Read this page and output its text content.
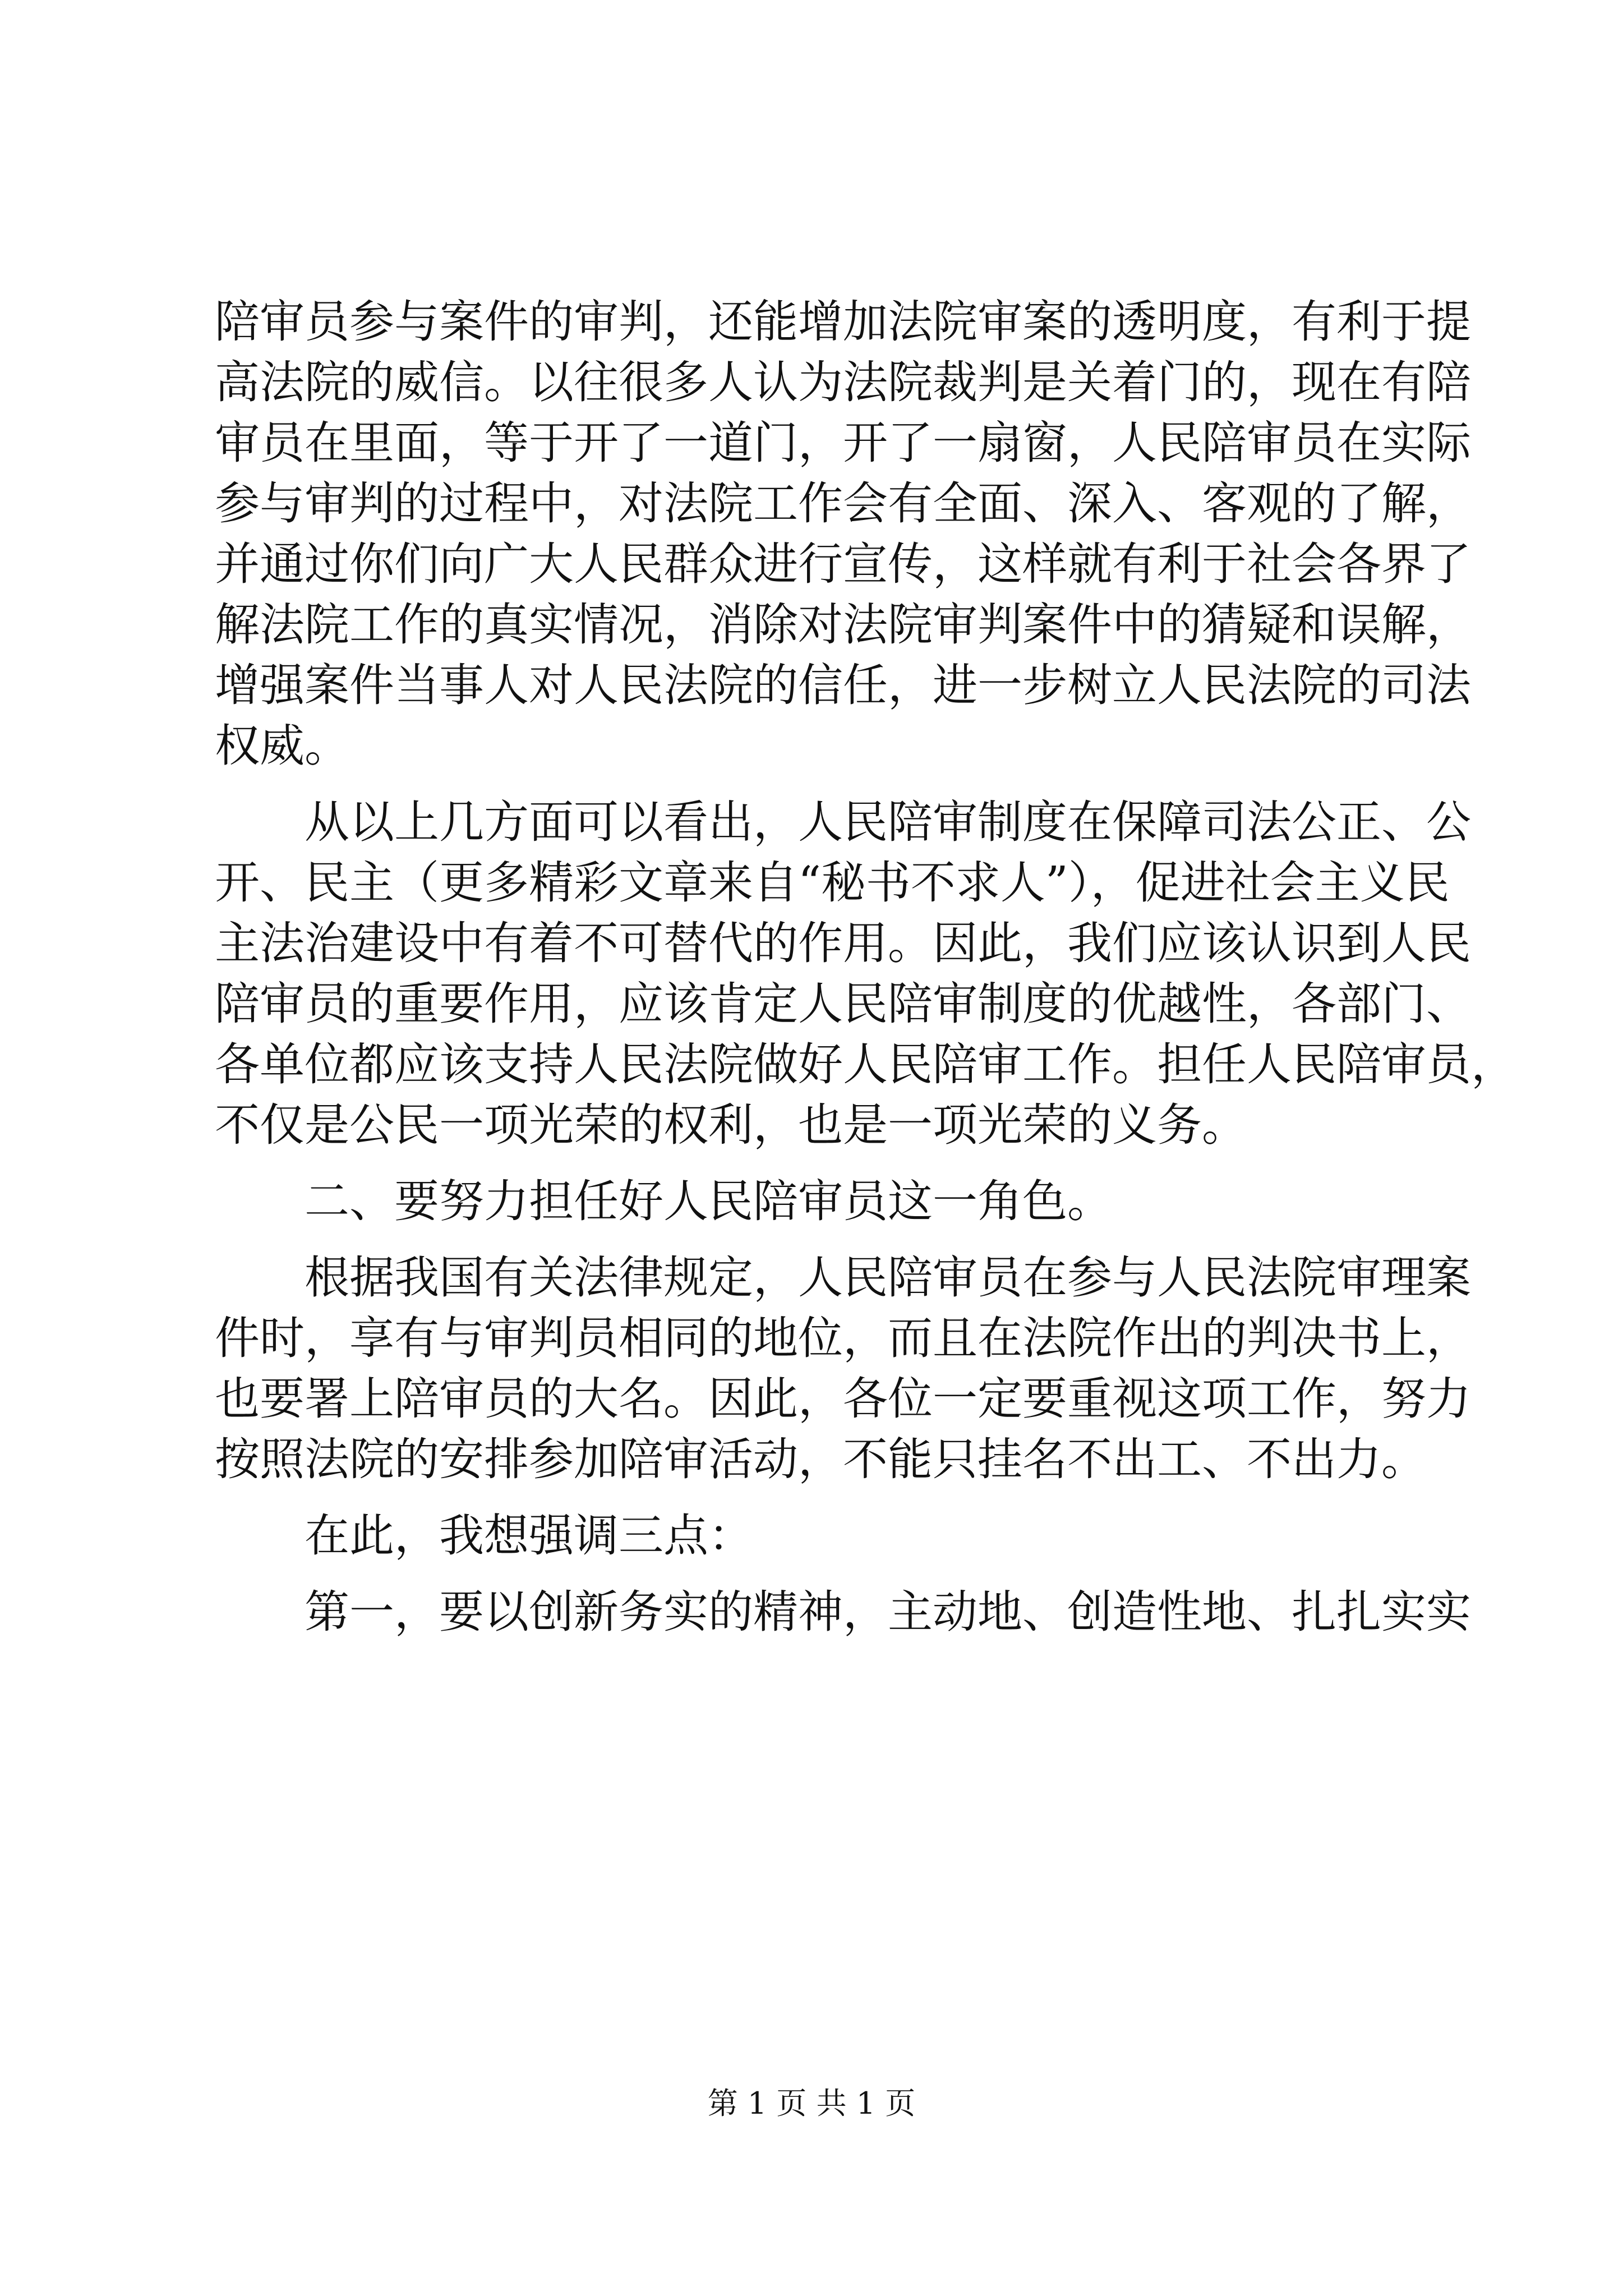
陪审员参与案件的审判，还能增加法院审案的透明度，有利于提
高法院的威信。以往很多人认为法院裁判是关着门的，现在有陪
审员在里面，等于开了一道门，开了一扇窗，人民陪审员在实际
参与审判的过程中，对法院工作会有全面、深入、客观的了解，
并通过你们向广大人民群众进行宣传，这样就有利于社会各界了
解法院工作的真实情况，消除对法院审判案件中的猜疑和误解，
增强案件当事人对人民法院的信任，进一步树立人民法院的司法
权威。
从以上几方面可以看出，人民陪审制度在保障司法公正、公
开、民主（更多精彩文章来自“秘书不求人”），促进社会主义民
主法治建设中有着不可替代的作用。因此，我们应该认识到人民
陪审员的重要作用，应该肯定人民陪审制度的优越性，各部门、
各单位都应该支持人民法院做好人民陪审工作。担任人民陪审员，
不仅是公民一项光荣的权利，也是一项光荣的义务。
二、要努力担任好人民陪审员这一角色。
根据我国有关法律规定，人民陪审员在参与人民法院审理案
件时，享有与审判员相同的地位，而且在法院作出的判决书上，
也要署上陪审员的大名。因此，各位一定要重视这项工作，努力
按照法院的安排参加陪审活动，不能只挂名不出工、不出力。
在此，我想强调三点：
第一，要以创新务实的精神，主动地、创造性地、扎扎实实
第 1 页 共 1 页
